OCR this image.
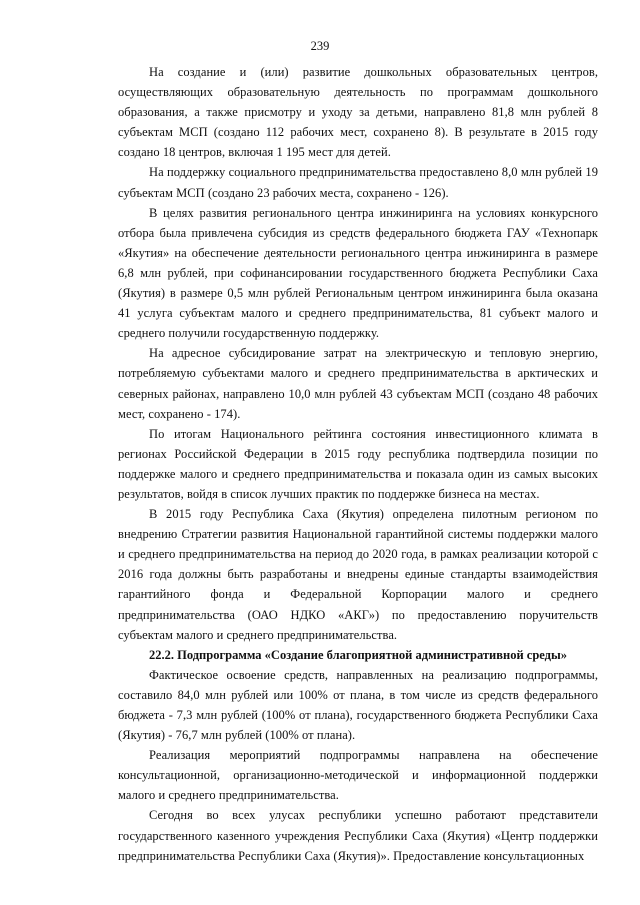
239

На создание и (или) развитие дошкольных образовательных центров, осуществляющих образовательную деятельность по программам дошкольного образования, а также присмотру и уходу за детьми, направлено 81,8 млн рублей 8 субъектам МСП (создано 112 рабочих мест, сохранено 8). В результате в 2015 году создано 18 центров, включая 1 195 мест для детей.

На поддержку социального предпринимательства предоставлено 8,0 млн рублей 19 субъектам МСП (создано 23 рабочих места, сохранено - 126).

В целях развития регионального центра инжиниринга на условиях конкурсного отбора была привлечена субсидия из средств федерального бюджета ГАУ «Технопарк «Якутия» на обеспечение деятельности регионального центра инжиниринга в размере 6,8 млн рублей, при софинансировании государственного бюджета Республики Саха (Якутия) в размере 0,5 млн рублей Региональным центром инжиниринга была оказана 41 услуга субъектам малого и среднего предпринимательства, 81 субъект малого и среднего получили государственную поддержку.

На адресное субсидирование затрат на электрическую и тепловую энергию, потребляемую субъектами малого и среднего предпринимательства в арктических и северных районах, направлено 10,0 млн рублей 43 субъектам МСП (создано 48 рабочих мест, сохранено - 174).

По итогам Национального рейтинга состояния инвестиционного климата в регионах Российской Федерации в 2015 году республика подтвердила позиции по поддержке малого и среднего предпринимательства и показала один из самых высоких результатов, войдя в список лучших практик по поддержке бизнеса на местах.

В 2015 году Республика Саха (Якутия) определена пилотным регионом по внедрению Стратегии развития Национальной гарантийной системы поддержки малого и среднего предпринимательства на период до 2020 года, в рамках реализации которой с 2016 года должны быть разработаны и внедрены единые стандарты взаимодействия гарантийного фонда и Федеральной Корпорации малого и среднего предпринимательства (ОАО НДКО «АКГ») по предоставлению поручительств субъектам малого и среднего предпринимательства.

22.2. Подпрограмма «Создание благоприятной административной среды»

Фактическое освоение средств, направленных на реализацию подпрограммы, составило 84,0 млн рублей или 100% от плана, в том числе из средств федерального бюджета - 7,3 млн рублей (100% от плана), государственного бюджета Республики Саха (Якутия) - 76,7 млн рублей (100% от плана).

Реализация мероприятий подпрограммы направлена на обеспечение консультационной, организационно-методической и информационной поддержки малого и среднего предпринимательства.

Сегодня во всех улусах республики успешно работают представители государственного казенного учреждения Республики Саха (Якутия) «Центр поддержки предпринимательства Республики Саха (Якутия)». Предоставление консультационных
